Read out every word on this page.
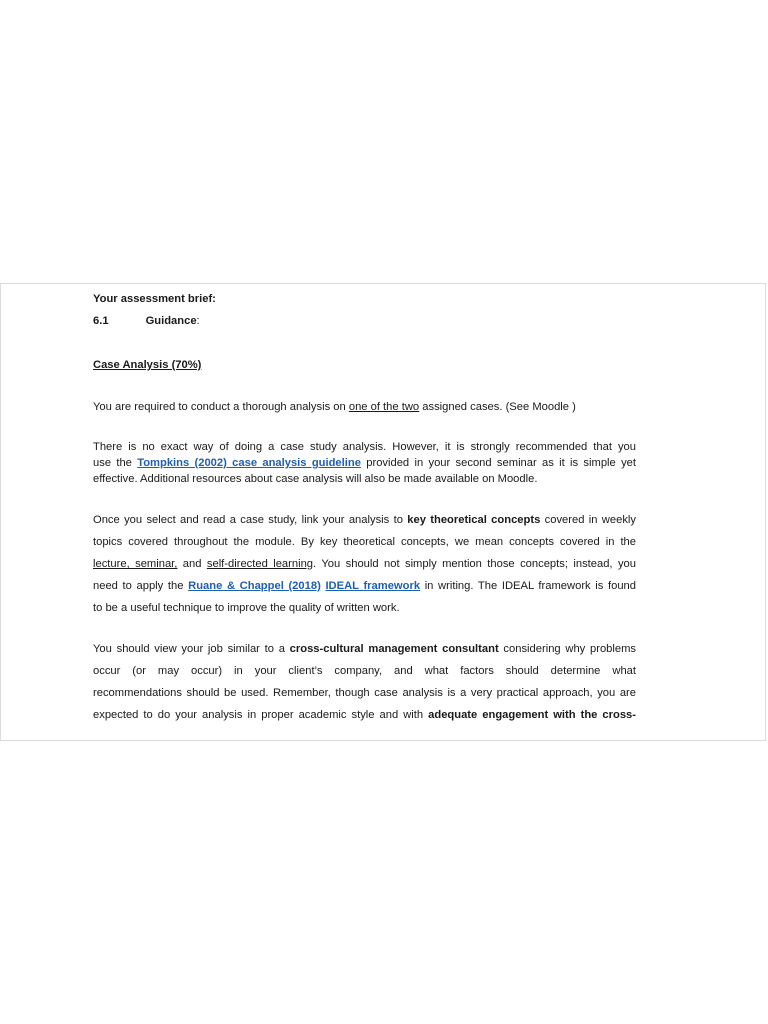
Your assessment brief:

6.1	Guidance:

Case Analysis (70%)

You are required to conduct a thorough analysis on one of the two assigned cases. (See Moodle )

There is no exact way of doing a case study analysis. However, it is strongly recommended that you

use the Tompkins (2002) case analysis guideline provided in your second seminar as it is simple yet

effective. Additional resources about case analysis will also be made available on Moodle.

Once you select and read a case study, link your analysis to key theoretical concepts covered in weekly

topics covered throughout the module. By key theoretical concepts, we mean concepts covered in the

lecture, seminar, and self-directed learning. You should not simply mention those concepts; instead, you

need to apply the Ruane & Chappel (2018) IDEAL framework in writing. The IDEAL framework is found

to be a useful technique to improve the quality of written work.

You should view your job similar to a cross-cultural management consultant considering why problems

occur (or may occur) in your client’s company, and what factors should determine what

recommendations should be used. Remember, though case analysis is a very practical approach, you are

expected to do your analysis in proper academic style and with adequate engagement with the cross-
